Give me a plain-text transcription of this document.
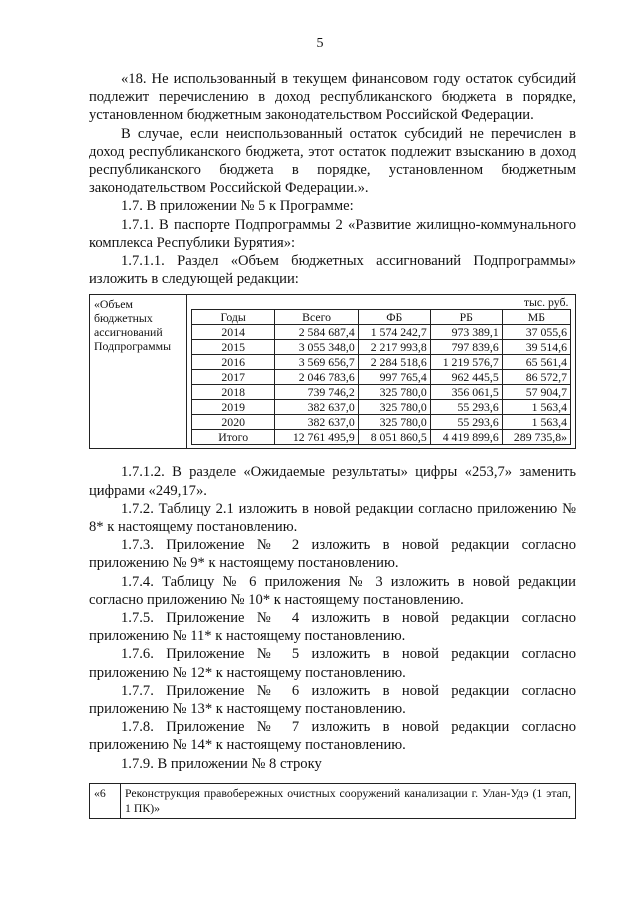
5

«18. Не использованный в текущем финансовом году остаток субсидий подлежит перечислению в доход республиканского бюджета в порядке, установленном бюджетным законодательством Российской Федерации.

В случае, если неиспользованный остаток субсидий не перечислен в доход республиканского бюджета, этот остаток подлежит взысканию в доход республиканского бюджета в порядке, установленном бюджетным законодательством Российской Федерации.».

1.7. В приложении № 5 к Программе:

1.7.1. В паспорте Подпрограммы 2 «Развитие жилищно-коммунального комплекса Республики Бурятия»:

1.7.1.1. Раздел «Объем бюджетных ассигнований Подпрограммы» изложить в следующей редакции:

«Объем бюджетных ассигнований Подпрограммы	
тыс. руб.
Годы	Всего	ФБ	РБ	МБ
2014	2 584 687,4	1 574 242,7	973 389,1	37 055,6
2015	3 055 348,0	2 217 993,8	797 839,6	39 514,6
2016	3 569 656,7	2 284 518,6	1 219 576,7	65 561,4
2017	2 046 783,6	997 765,4	962 445,5	86 572,7
2018	739 746,2	325 780,0	356 061,5	57 904,7
2019	382 637,0	325 780,0	55 293,6	1 563,4
2020	382 637,0	325 780,0	55 293,6	1 563,4
Итого	12 761 495,9	8 051 860,5	4 419 899,6	289 735,8»

1.7.1.2. В разделе «Ожидаемые результаты» цифры «253,7» заменить цифрами «249,17».

1.7.2. Таблицу 2.1 изложить в новой редакции согласно приложению № 8* к настоящему постановлению.

1.7.3. Приложение № 2 изложить в новой редакции согласно приложению № 9* к настоящему постановлению.

1.7.4. Таблицу № 6 приложения № 3 изложить в новой редакции согласно приложению № 10* к настоящему постановлению.

1.7.5. Приложение № 4 изложить в новой редакции согласно приложению № 11* к настоящему постановлению.

1.7.6. Приложение № 5 изложить в новой редакции согласно приложению № 12* к настоящему постановлению.

1.7.7. Приложение № 6 изложить в новой редакции согласно приложению № 13* к настоящему постановлению.

1.7.8. Приложение № 7 изложить в новой редакции согласно приложению № 14* к настоящему постановлению.

1.7.9. В приложении № 8 строку

«6	Реконструкция правобережных очистных сооружений канализации г. Улан-Удэ (1 этап, 1 ПК)»
